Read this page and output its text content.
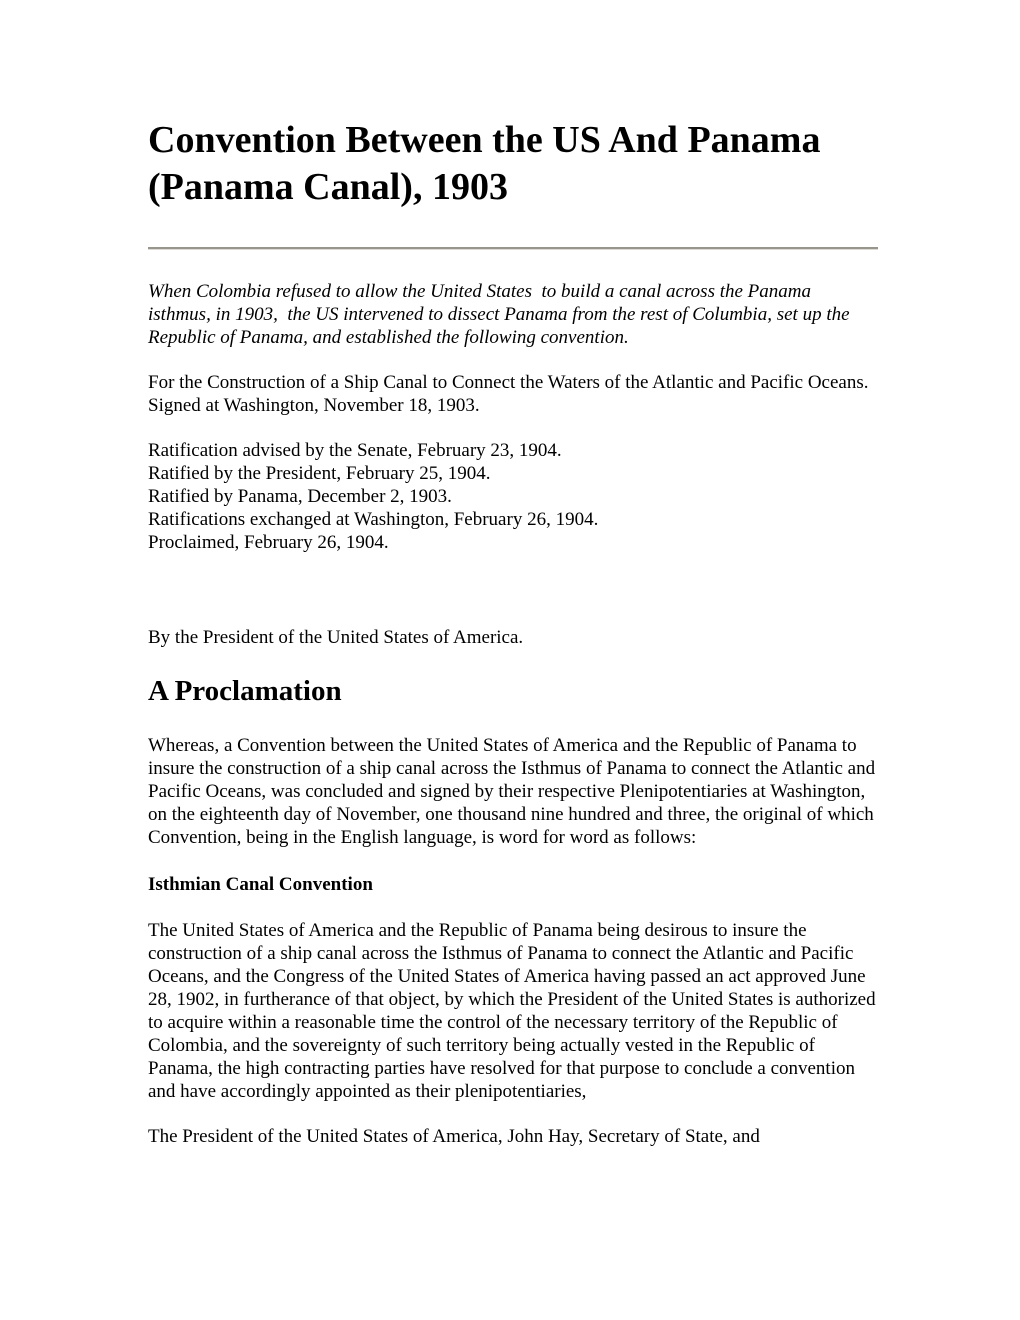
Convention Between the US And Panama (Panama Canal), 1903

When Colombia refused to allow the United States  to build a canal across the Panama isthmus, in 1903,  the US intervened to dissect Panama from the rest of Columbia, set up the Republic of Panama, and established the following convention.

For the Construction of a Ship Canal to Connect the Waters of the Atlantic and Pacific Oceans. Signed at Washington, November 18, 1903.

Ratification advised by the Senate, February 23, 1904.
Ratified by the President, February 25, 1904.
Ratified by Panama, December 2, 1903.
Ratifications exchanged at Washington, February 26, 1904.
Proclaimed, February 26, 1904.

By the President of the United States of America.

A Proclamation

Whereas, a Convention between the United States of America and the Republic of Panama to insure the construction of a ship canal across the Isthmus of Panama to connect the Atlantic and Pacific Oceans, was concluded and signed by their respective Plenipotentiaries at Washington, on the eighteenth day of November, one thousand nine hundred and three, the original of which Convention, being in the English language, is word for word as follows:

Isthmian Canal Convention

The United States of America and the Republic of Panama being desirous to insure the construction of a ship canal across the Isthmus of Panama to connect the Atlantic and Pacific Oceans, and the Congress of the United States of America having passed an act approved June 28, 1902, in furtherance of that object, by which the President of the United States is authorized to acquire within a reasonable time the control of the necessary territory of the Republic of Colombia, and the sovereignty of such territory being actually vested in the Republic of Panama, the high contracting parties have resolved for that purpose to conclude a convention and have accordingly appointed as their plenipotentiaries,

The President of the United States of America, John Hay, Secretary of State, and
